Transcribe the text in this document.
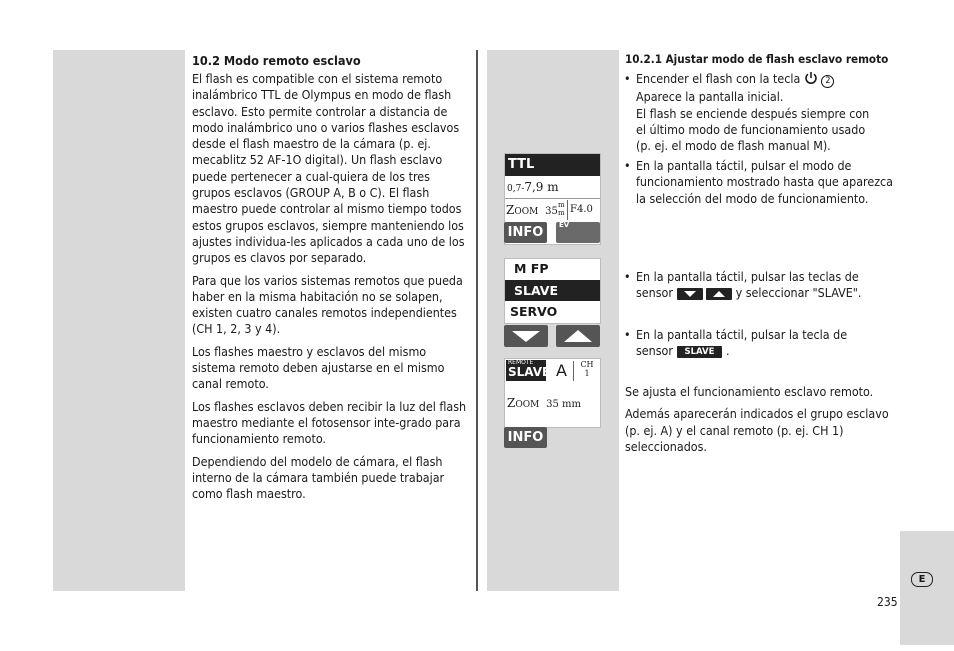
10.2 Modo remoto esclavo

El flash es compatible con el sistema remoto inalámbrico TTL de Olympus en modo de flash esclavo. Esto permite controlar a distancia de modo inalámbrico uno o varios flashes esclavos desde el flash maestro de la cámara (p. ej. mecablitz 52 AF-1O digital). Un flash esclavo puede pertenecer a cual-quiera de los tres grupos esclavos (GROUP A, B o C). El flash maestro puede controlar al mismo tiempo todos estos grupos esclavos, siempre manteniendo los ajustes individua-les aplicados a cada uno de los grupos es clavos por separado.

Para que los varios sistemas remotos que pueda haber en la misma habitación no se solapen, existen cuatro canales remotos independientes (CH 1, 2, 3 y 4).

Los flashes maestro y esclavos del mismo sistema remoto deben ajustarse en el mismo canal remoto.

Los flashes esclavos deben recibir la luz del flash maestro mediante el fotosensor inte-grado para funcionamiento remoto.

Dependiendo del modelo de cámara, el flash interno de la cámara también puede trabajar como flash maestro.

10.2.1 Ajustar modo de flash esclavo remoto
• Encender el flash con la tecla	2
Aparece la pantalla inicial.
El flash se enciende después siempre con
el último modo de funcionamiento usado
(p. ej. el modo de flash manual M).
• En la pantalla táctil, pulsar el modo de funcionamiento mostrado hasta que aparezca la selección del modo de funcionamiento.
• En la pantalla táctil, pulsar las teclas de
sensor	y seleccionar "SLAVE".
• En la pantalla táctil, pulsar la tecla de
sensor SLAVE .

Se ajusta el funcionamiento esclavo remoto.

Además aparecerán indicados el grupo esclavo (p. ej. A) y el canal remoto (p. ej. CH 1) seleccionados.

TTL
0,7-7,9 m
ZOOM 35
m
m F4.0
INFO	EV
M FP
SLAVE
SERVO
REMOTE
SLAVE A	CH
1
ZOOM 35 mm
INFO
E
235
